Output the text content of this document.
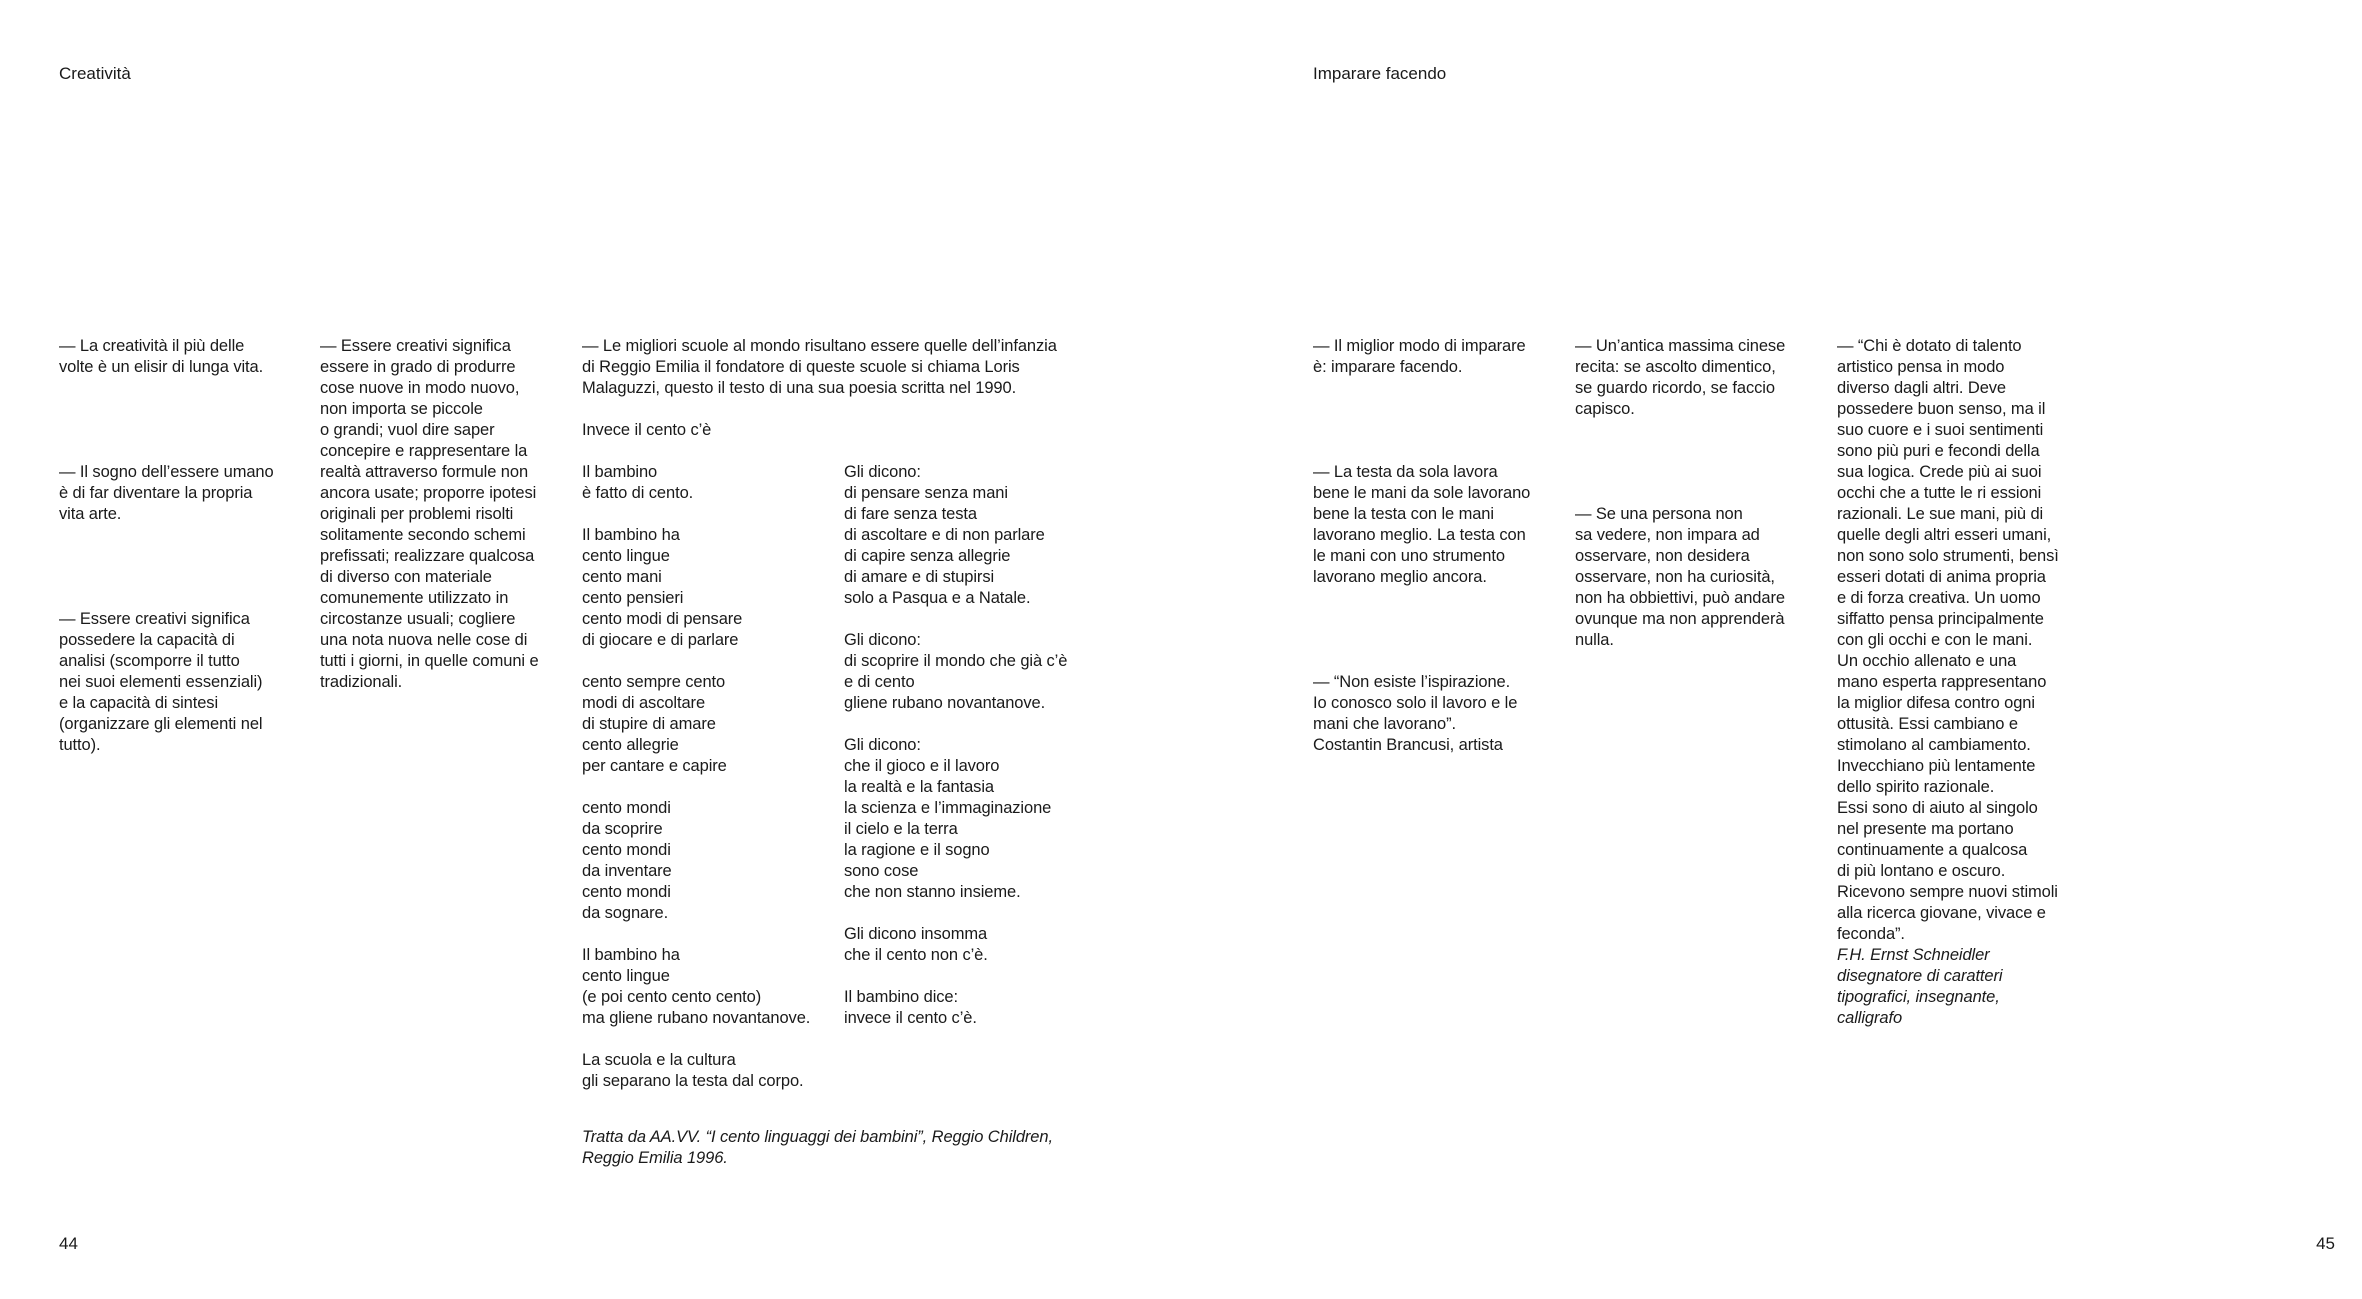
Creatività
— La creatività il più delle
volte è un elisir di lunga vita.
— Il sogno dell’essere umano
è di far diventare la propria
vita arte.
— Essere creativi significa
possedere la capacità di
analisi (scomporre il tutto
nei suoi elementi essenziali)
e la capacità di sintesi
(organizzare gli elementi nel
tutto).
— Essere creativi significa
essere in grado di produrre
cose nuove in modo nuovo,
non importa se piccole
o grandi; vuol dire saper
concepire e rappresentare la
realtà attraverso formule non
ancora usate; proporre ipotesi
originali per problemi risolti
solitamente secondo schemi
prefissati; realizzare qualcosa
di diverso con materiale
comunemente utilizzato in
circostanze usuali; cogliere
una nota nuova nelle cose di
tutti i giorni, in quelle comuni e
tradizionali.
— Le migliori scuole al mondo risultano essere quelle dell’infanzia
di Reggio Emilia il fondatore di queste scuole si chiama Loris
Malaguzzi, questo il testo di una sua poesia scritta nel 1990.
Invece il cento c’è
Il bambino
è fatto di cento.

Il bambino ha
cento lingue
cento mani
cento pensieri
cento modi di pensare
di giocare e di parlare

cento sempre cento
modi di ascoltare
di stupire di amare
cento allegrie
per cantare e capire

cento mondi
da scoprire
cento mondi
da inventare
cento mondi
da sognare.

Il bambino ha
cento lingue
(e poi cento cento cento)
ma gliene rubano novantanove.

La scuola e la cultura
gli separano la testa dal corpo.
Gli dicono:
di pensare senza mani
di fare senza testa
di ascoltare e di non parlare
di capire senza allegrie
di amare e di stupirsi
solo a Pasqua e a Natale.

Gli dicono:
di scoprire il mondo che già c’è
e di cento
gliene rubano novantanove.

Gli dicono:
che il gioco e il lavoro
la realtà e la fantasia
la scienza e l’immaginazione
il cielo e la terra
la ragione e il sogno
sono cose
che non stanno insieme.

Gli dicono insomma
che il cento non c’è.

Il bambino dice:
invece il cento c’è.
Tratta da AA.VV. “I cento linguaggi dei bambini”, Reggio Children,
Reggio Emilia 1996.
44
Imparare facendo
— Il miglior modo di imparare
è: imparare facendo.
— La testa da sola lavora
bene le mani da sole lavorano
bene la testa con le mani
lavorano meglio. La testa con
le mani con uno strumento
lavorano meglio ancora.
— “Non esiste l’ispirazione.
Io conosco solo il lavoro e le
mani che lavorano”.
Costantin Brancusi, artista
— Un’antica massima cinese
recita: se ascolto dimentico,
se guardo ricordo, se faccio
capisco.
— Se una persona non
sa vedere, non impara ad
osservare, non desidera
osservare, non ha curiosità,
non ha obbiettivi, può andare
ovunque ma non apprenderà
nulla.
— “Chi è dotato di talento
artistico pensa in modo
diverso dagli altri. Deve
possedere buon senso, ma il
suo cuore e i suoi sentimenti
sono più puri e fecondi della
sua logica. Crede più ai suoi
occhi che a tutte le ri essioni
razionali. Le sue mani, più di
quelle degli altri esseri umani,
non sono solo strumenti, bensì
esseri dotati di anima propria
e di forza creativa. Un uomo
siffatto pensa principalmente
con gli occhi e con le mani.
Un occhio allenato e una
mano esperta rappresentano
la miglior difesa contro ogni
ottusità. Essi cambiano e
stimolano al cambiamento.
Invecchiano più lentamente
dello spirito razionale.
Essi sono di aiuto al singolo
nel presente ma portano
continuamente a qualcosa
di più lontano e oscuro.
Ricevono sempre nuovi stimoli
alla ricerca giovane, vivace e
feconda”.
F.H. Ernst Schneidler
disegnatore di caratteri
tipografici, insegnante,
calligrafo
45
